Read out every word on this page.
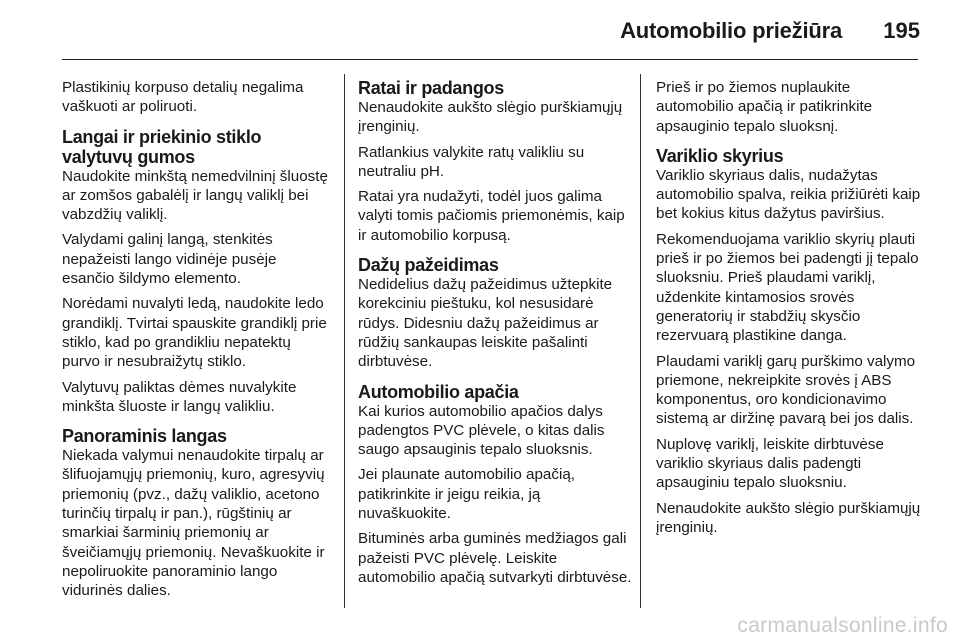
Automobilio priežiūra 195

Plastikinių korpuso detalių negalima vaškuoti ar poliruoti.

Langai ir priekinio stiklo valytuvų gumos

Naudokite minkštą nemedvilninį šluostę ar zomšos gabalėlį ir langų valiklį bei vabzdžių valiklį.

Valydami galinį langą, stenkitės nepažeisti lango vidinėje pusėje esančio šildymo elemento.

Norėdami nuvalyti ledą, naudokite ledo grandiklį. Tvirtai spauskite grandiklį prie stiklo, kad po grandikliu nepatektų purvo ir nesubraižytų stiklo.

Valytuvų paliktas dėmes nuvalykite minkšta šluoste ir langų valikliu.

Panoraminis langas

Niekada valymui nenaudokite tirpalų ar šlifuojamųjų priemonių, kuro, agresyvių priemonių (pvz., dažų valiklio, acetono turinčių tirpalų ir pan.), rūgštinių ar smarkiai šarminių priemonių ar šveičiamųjų priemonių. Nevaškuokite ir nepoliruokite panoraminio lango vidurinės dalies.

Ratai ir padangos

Nenaudokite aukšto slėgio purškiamųjų įrenginių.

Ratlankius valykite ratų valikliu su neutraliu pH.

Ratai yra nudažyti, todėl juos galima valyti tomis pačiomis priemonėmis, kaip ir automobilio korpusą.

Dažų pažeidimas

Nedidelius dažų pažeidimus užtepkite korekciniu pieštuku, kol nesusidarė rūdys. Didesniu dažų pažeidimus ar rūdžių sankaupas leiskite pašalinti dirbtuvėse.

Automobilio apačia

Kai kurios automobilio apačios dalys padengtos PVC plėvele, o kitas dalis saugo apsauginis tepalo sluoksnis.

Jei plaunate automobilio apačią, patikrinkite ir jeigu reikia, ją nuvaškuokite.

Bituminės arba guminės medžiagos gali pažeisti PVC plėvelę. Leiskite automobilio apačią sutvarkyti dirbtuvėse.

Prieš ir po žiemos nuplaukite automobilio apačią ir patikrinkite apsauginio tepalo sluoksnį.

Variklio skyrius

Variklio skyriaus dalis, nudažytas automobilio spalva, reikia prižiūrėti kaip bet kokius kitus dažytus paviršius.

Rekomenduojama variklio skyrių plauti prieš ir po žiemos bei padengti jį tepalo sluoksniu. Prieš plaudami variklį, uždenkite kintamosios srovės generatorių ir stabdžių skysčio rezervuarą plastikine danga.

Plaudami variklį garų purškimo valymo priemone, nekreipkite srovės į ABS komponentus, oro kondicionavimo sistemą ar diržinę pavarą bei jos dalis.

Nuplovę variklį, leiskite dirbtuvėse variklio skyriaus dalis padengti apsauginiu tepalo sluoksniu.

Nenaudokite aukšto slėgio purškiamųjų įrenginių.

carmanualsonline.info
